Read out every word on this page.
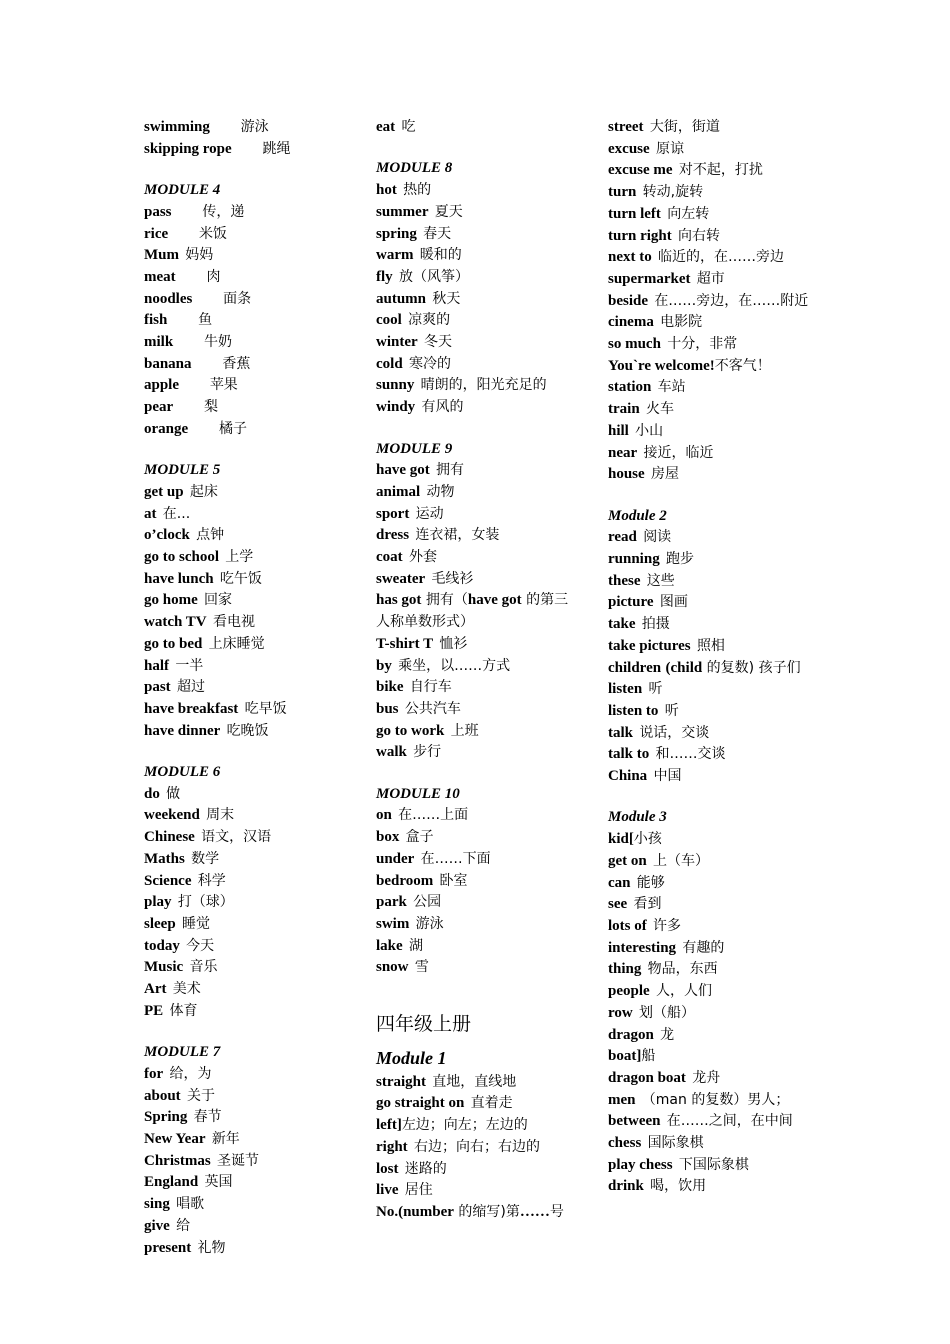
swimming 游泳
skipping rope 跳绳
MODULE 4
pass 传，递
rice 米饭
Mum 妈妈
meat 肉
noodles 面条
fish 鱼
milk 牛奶
banana 香蕉
apple 苹果
pear 梨
orange 橘子
MODULE 5
get up 起床
at 在...
o’clock 点钟
go to school 上学
have lunch 吃午饭
go home 回家
watch TV 看电视
go to bed 上床睡觉
half 一半
past 超过
have breakfast 吃早饭
have dinner 吃晚饭
MODULE 6
do 做
weekend 周末
Chinese 语文，汉语
Maths 数学
Science 科学
play 打（球）
sleep 睡觉
today 今天
Music 音乐
Art 美术
PE 体育
MODULE 7
for 给，为
about 关于
Spring 春节
New Year 新年
Christmas 圣诞节
England 英国
sing 唱歌
give 给
present 礼物
eat 吃
MODULE 8
hot 热的
summer 夏天
spring 春天
warm 暖和的
fly 放（风筝）
autumn 秋天
cool 凉爽的
winter 冬天
cold 寒冷的
sunny 晴朗的，阳光充足的
windy 有风的
MODULE 9
have got 拥有
animal 动物
sport 运动
dress 连衣裙，女装
coat 外套
sweater 毛线衫
has got 拥有（have got 的第三人称单数形式）
T-shirt T 恤衫
by 乘坐，以……方式
bike 自行车
bus 公共汽车
go to work 上班
walk 步行
MODULE 10
on 在……上面
box 盒子
under 在……下面
bedroom 卧室
park 公园
swim 游泳
lake 湖
snow 雪
四年级上册
Module 1
straight 直地，直线地
go straight on 直着走
left]左边；向左；左边的
right 右边；向右；右边的
lost 迷路的
live 居住
No.(number 的缩写)第……号
street 大街，街道
excuse 原谅
excuse me 对不起，打扰
turn 转动,旋转
turn left 向左转
turn right 向右转
next to 临近的，在……旁边
supermarket 超市
beside 在……旁边，在……附近
cinema 电影院
so much 十分，非常
You`re welcome!不客气！
station 车站
train 火车
hill 小山
near 接近，临近
house 房屋
Module 2
read 阅读
running 跑步
these 这些
picture 图画
take 拍摄
take pictures 照相
children (child 的复数) 孩子们
listen 听
listen to 听
talk 说话，交谈
talk to 和……交谈
China 中国
Module 3
kid[小孩
get on 上（车）
can 能够
see 看到
lots of 许多
interesting 有趣的
thing 物品，东西
people 人，人们
row 划（船）
dragon 龙
boat]船
dragon boat 龙舟
men （man 的复数）男人；
between 在……之间，在中间
chess 国际象棋
play chess 下国际象棋
drink 喝，饮用
